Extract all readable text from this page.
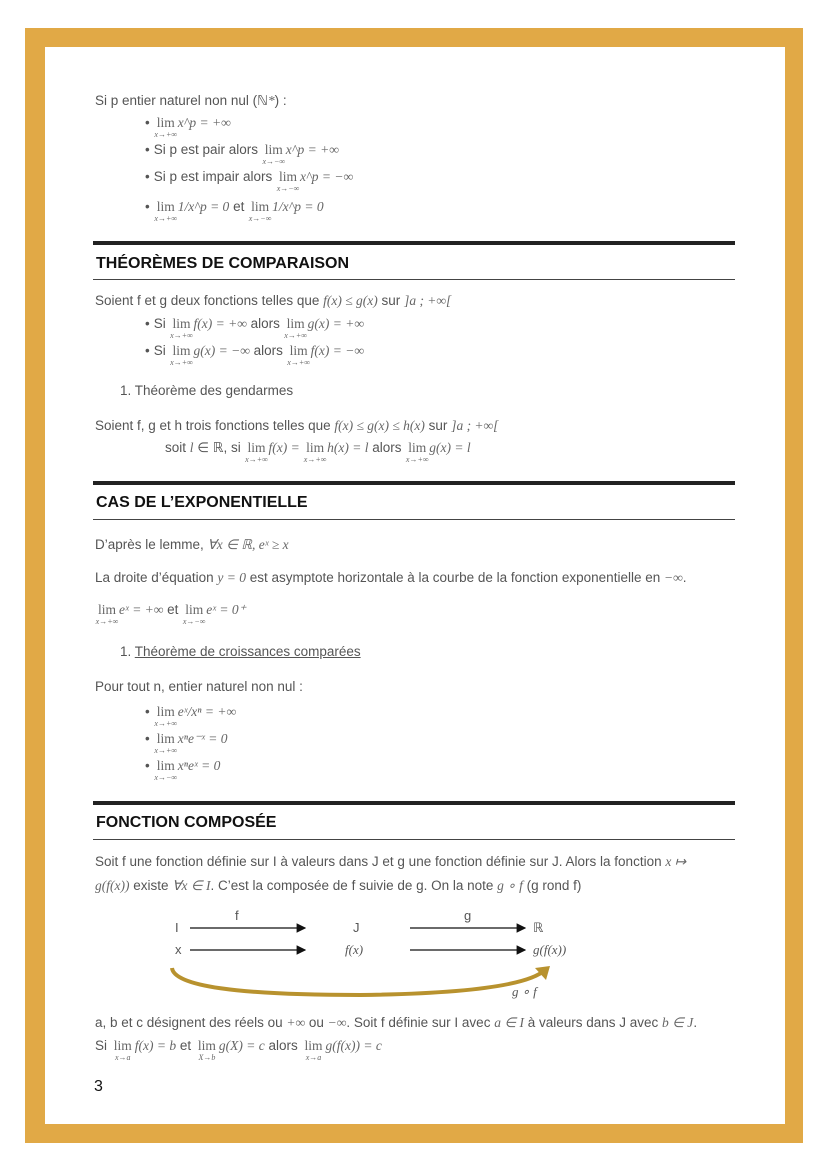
Si p entier naturel non nul (ℕ*) :
• lim
x→+∞
x^p = +∞
• Si p est pair alors lim
x→−∞
x^p = +∞
• Si p est impair alors lim
x→−∞
x^p = −∞
• lim
x→+∞
1/x^p = 0 et lim
x→−∞
1/x^p = 0
Soient f et g deux fonctions telles que f(x) ≤ g(x) sur ]a ; +∞[
• Si lim
x→+∞
f(x) = +∞ alors lim
x→+∞
g(x) = +∞
• Si lim
x→+∞
g(x) = −∞ alors lim
x→+∞
f(x) = −∞
1. Théorème des gendarmes
Soient f, g et h trois fonctions telles que f(x) ≤ g(x) ≤ h(x) sur ]a ; +∞[
soit l ∈ ℝ, si lim
x→+∞
f(x) = lim
x→+∞
h(x) = l alors lim
x→+∞
g(x) = l
D’après le lemme, ∀x ∈ ℝ, eˣ ≥ x
La droite d’équation y = 0 est asymptote horizontale à la courbe de la fonction exponentielle en −∞.
lim
x→+∞
eˣ = +∞ et lim
x→−∞
eˣ = 0⁺
1. Théorème de croissances comparées
Pour tout n, entier naturel non nul :
• lim
x→+∞
eˣ/xⁿ = +∞
• lim
x→+∞
xⁿe⁻ˣ = 0
• lim
x→−∞
xⁿeˣ = 0
Soit f une fonction définie sur I à valeurs dans J et g une fonction définie sur J. Alors la fonction x ↦
g(f(x)) existe ∀x ∈ I. C’est la composée de f suivie de g. On la note g ∘ f (g rond f)
a, b et c désignent des réels ou +∞ ou −∞. Soit f définie sur I avec a ∈ I à valeurs dans J avec b ∈ J.
Si lim
x→a
f(x) = b et lim
X→b
g(X) = c alors lim
x→a
g(f(x)) = c
THÉORÈMES DE COMPARAISON
CAS DE L’EXPONENTIELLE
FONCTION COMPOSÉE
I	J	ℝ
x	f(x)	g(f(x))
f	g
g ∘ f
3
